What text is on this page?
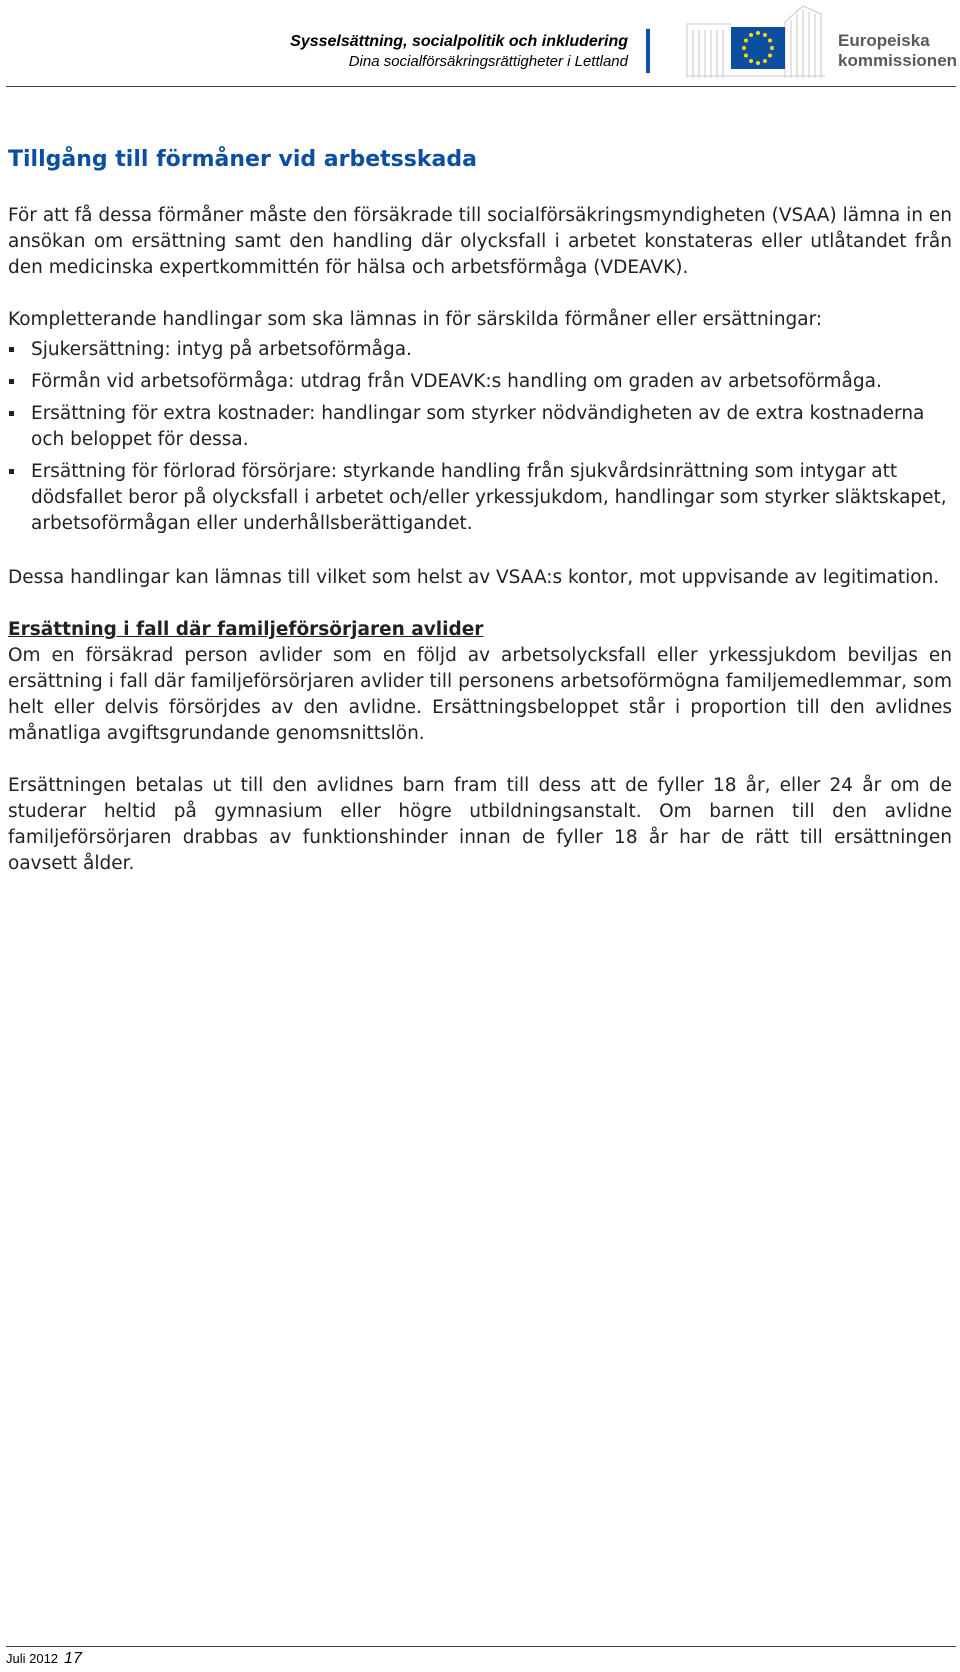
Sysselsättning, socialpolitik och inkludering
Dina socialförsäkringsrättigheter i Lettland
Europeiska
kommissionen
Tillgång till förmåner vid arbetsskada

För att få dessa förmåner måste den försäkrade till socialförsäkringsmyndigheten (VSAA) lämna in en ansökan om ersättning samt den handling där olycksfall i arbetet konstateras eller utlåtandet från den medicinska expertkommittén för hälsa och arbetsförmåga (VDEAVK).

Kompletterande handlingar som ska lämnas in för särskilda förmåner eller ersättningar:

Sjukersättning: intyg på arbetsoförmåga.
Förmån vid arbetsoförmåga: utdrag från VDEAVK:s handling om graden av arbetsoförmåga.
Ersättning för extra kostnader: handlingar som styrker nödvändigheten av de extra kostnaderna och beloppet för dessa.
Ersättning för förlorad försörjare: styrkande handling från sjukvårdsinrättning som intygar att dödsfallet beror på olycksfall i arbetet och/eller yrkessjukdom, handlingar som styrker släktskapet, arbetsoförmågan eller underhållsberättigandet.

Dessa handlingar kan lämnas till vilket som helst av VSAA:s kontor, mot uppvisande av legitimation.

Ersättning i fall där familjeförsörjaren avlider

Om en försäkrad person avlider som en följd av arbetsolycksfall eller yrkessjukdom beviljas en ersättning i fall där familjeförsörjaren avlider till personens arbetsoförmögna familjemedlemmar, som helt eller delvis försörjdes av den avlidne. Ersättningsbeloppet står i proportion till den avlidnes månatliga avgiftsgrundande genomsnittslön.

Ersättningen betalas ut till den avlidnes barn fram till dess att de fyller 18 år, eller 24 år om de studerar heltid på gymnasium eller högre utbildningsanstalt. Om barnen till den avlidne familjeförsörjaren drabbas av funktionshinder innan de fyller 18 år har de rätt till ersättningen oavsett ålder.

Juli 2012 17
